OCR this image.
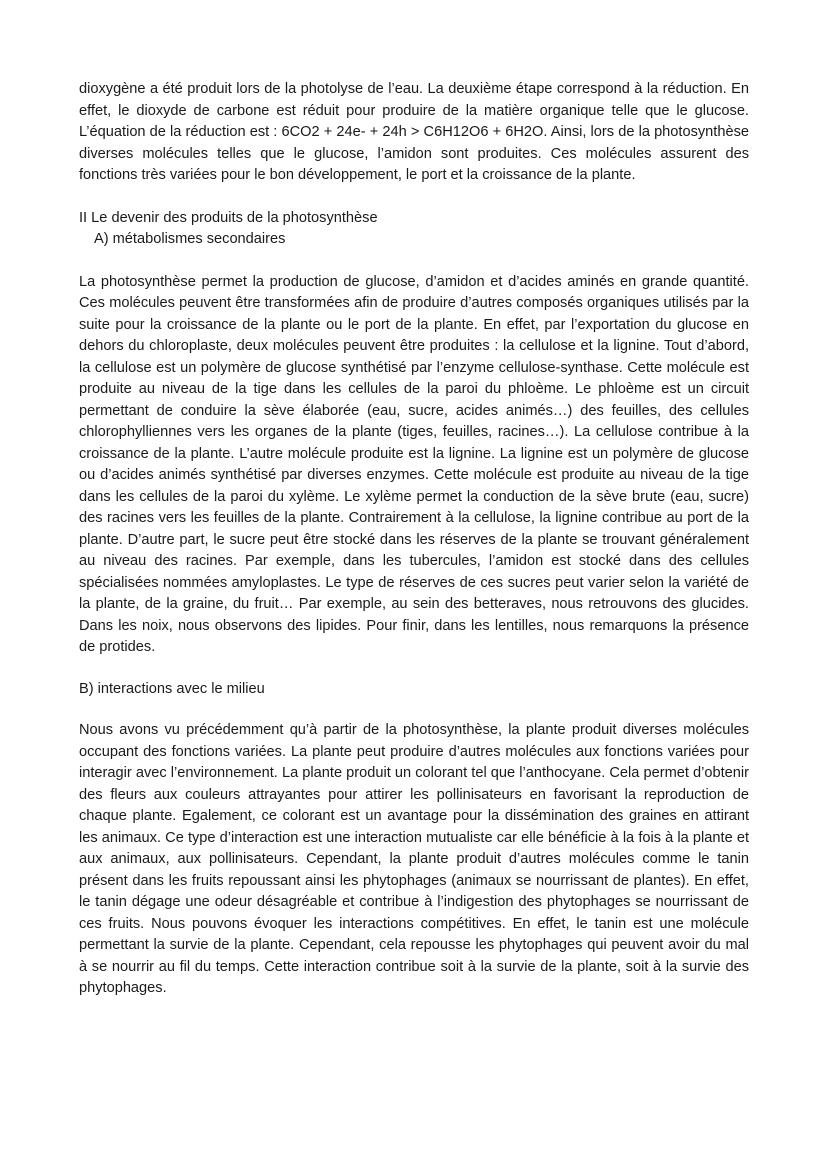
dioxygène a été produit lors de la photolyse de l’eau. La deuxième étape correspond à la réduction. En effet, le dioxyde de carbone est réduit pour produire de la matière organique telle que le glucose. L’équation de la réduction est : 6CO2 + 24e- + 24h > C6H12O6 + 6H2O. Ainsi, lors de la photosynthèse diverses molécules telles que le glucose, l’amidon sont produites. Ces molécules assurent des fonctions très variées pour le bon développement, le port et la croissance de la plante.

II Le devenir des produits de la photosynthèse

A) métabolismes secondaires

La photosynthèse permet la production de glucose, d’amidon et d’acides aminés en grande quantité. Ces molécules peuvent être transformées afin de produire d’autres composés organiques utilisés par la suite pour la croissance de la plante ou le port de la plante. En effet, par l’exportation du glucose en dehors du chloroplaste, deux molécules peuvent être produites : la cellulose et la lignine. Tout d’abord, la cellulose est un polymère de glucose synthétisé par l’enzyme cellulose-synthase. Cette molécule est produite au niveau de la tige dans les cellules de la paroi du phloème. Le phloème est un circuit permettant de conduire la sève élaborée (eau, sucre, acides animés…) des feuilles, des cellules chlorophylliennes vers les organes de la plante (tiges, feuilles, racines…). La cellulose contribue à la croissance de la plante. L’autre molécule produite est la lignine. La lignine est un polymère de glucose ou d’acides animés synthétisé par diverses enzymes. Cette molécule est produite au niveau de la tige dans les cellules de la paroi du xylème. Le xylème permet la conduction de la sève brute (eau, sucre) des racines vers les feuilles de la plante. Contrairement à la cellulose, la lignine contribue au port de la plante. D’autre part, le sucre peut être stocké dans les réserves de la plante se trouvant généralement au niveau des racines. Par exemple, dans les tubercules, l’amidon est stocké dans des cellules spécialisées nommées amyloplastes. Le type de réserves de ces sucres peut varier selon la variété de la plante, de la graine, du fruit… Par exemple, au sein des betteraves, nous retrouvons des glucides. Dans les noix, nous observons des lipides. Pour finir, dans les lentilles, nous remarquons la présence de protides.

B) interactions avec le milieu

Nous avons vu précédemment qu’à partir de la photosynthèse, la plante produit diverses molécules occupant des fonctions variées. La plante peut produire d’autres molécules aux fonctions variées pour interagir avec l’environnement. La plante produit un colorant tel que l’anthocyane. Cela permet d’obtenir des fleurs aux couleurs attrayantes pour attirer les pollinisateurs en favorisant la reproduction de chaque plante. Egalement, ce colorant est un avantage pour la dissémination des graines en attirant les animaux. Ce type d’interaction est une interaction mutualiste car elle bénéficie à la fois à la plante et aux animaux, aux pollinisateurs. Cependant, la plante produit d’autres molécules comme le tanin présent dans les fruits repoussant ainsi les phytophages (animaux se nourrissant de plantes). En effet, le tanin dégage une odeur désagréable et contribue à l’indigestion des phytophages se nourrissant de ces fruits. Nous pouvons évoquer les interactions compétitives. En effet, le tanin est une molécule permettant la survie de la plante. Cependant, cela repousse les phytophages qui peuvent avoir du mal à se nourrir au fil du temps. Cette interaction contribue soit à la survie de la plante, soit à la survie des phytophages.
